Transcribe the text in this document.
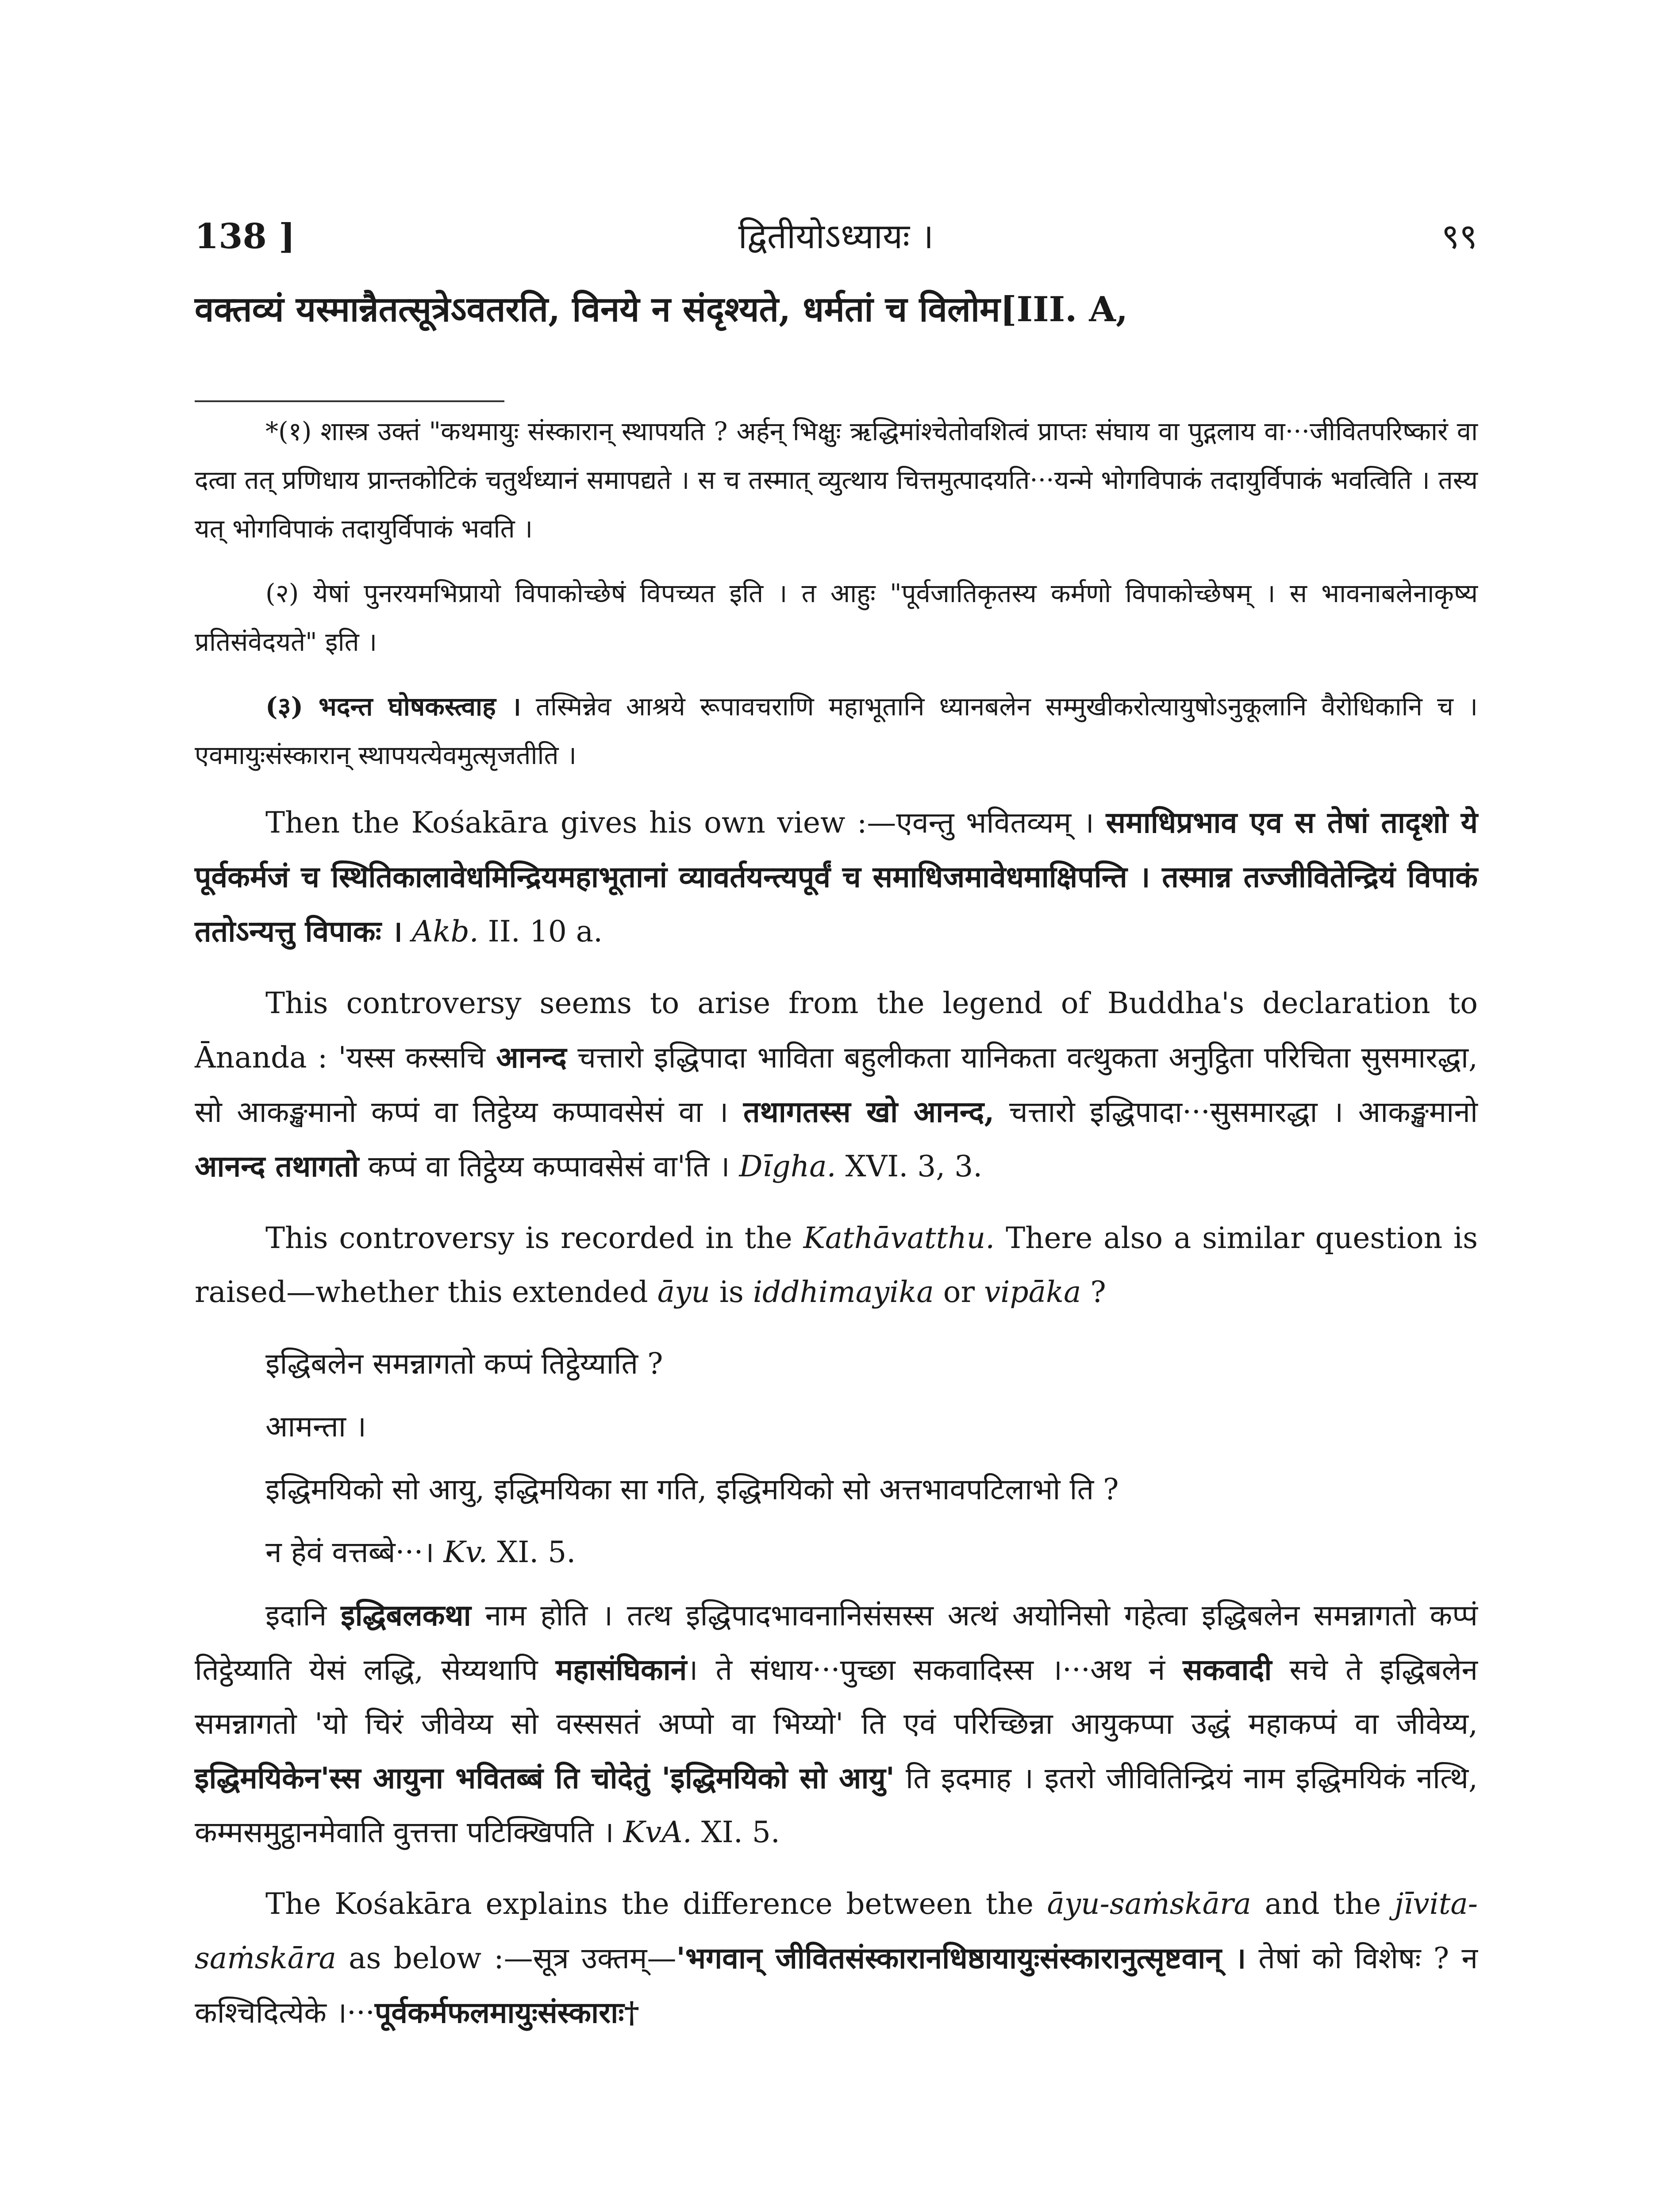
138 ]	द्वितीयोऽध्यायः ।	९९
वक्तव्यं यस्मान्नैतत्सूत्रेऽवतरति, विनये न संदृश्यते, धर्मतां च विलोम[III. A,

*(१) शास्त्र उक्तं "कथमायुः संस्कारान् स्थापयति ? अर्हन् भिक्षुः ऋद्धिमांश्चेतोवशित्वं प्राप्तः संघाय वा पुद्गलाय वा···जीवितपरिष्कारं वा दत्वा तत् प्रणिधाय प्रान्तकोटिकं चतुर्थध्यानं समापद्यते । स च तस्मात् व्युत्थाय चित्तमुत्पादयति···यन्मे भोगविपाकं तदायुर्विपाकं भवत्विति । तस्य यत् भोगविपाकं तदायुर्विपाकं भवति ।

(२) येषां पुनरयमभिप्रायो विपाकोच्छेषं विपच्यत इति । त आहुः "पूर्वजातिकृतस्य कर्मणो विपाकोच्छेषम् । स भावनाबलेनाकृष्य प्रतिसंवेदयते" इति ।

(३) भदन्त घोषकस्त्वाह । तस्मिन्नेव आश्रये रूपावचराणि महाभूतानि ध्यानबलेन सम्मुखीकरोत्यायुषोऽनुकूलानि वैरोधिकानि च । एवमायुःसंस्कारान् स्थापयत्येवमुत्सृजतीति ।

Then the Kośakāra gives his own view :—एवन्तु भवितव्यम् । समाधिप्रभाव एव स तेषां तादृशो ये पूर्वकर्मजं च स्थितिकालावेधमिन्द्रियमहाभूतानां व्यावर्तयन्त्यपूर्वं च समाधिजमावेधमाक्षिपन्ति । तस्मान्न तज्जीवितेन्द्रियं विपाकं ततोऽन्यत्तु विपाकः । Akb. II. 10 a.

This controversy seems to arise from the legend of Buddha's declaration to Ānanda : 'यस्स कस्सचि आनन्द चत्तारो इद्धिपादा भाविता बहुलीकता यानिकता वत्थुकता अनुट्ठिता परिचिता सुसमारद्धा, सो आकङ्खमानो कप्पं वा तिट्ठेय्य कप्पावसेसं वा । तथागतस्स खो आनन्द, चत्तारो इद्धिपादा···सुसमारद्धा । आकङ्खमानो आनन्द तथागतो कप्पं वा तिट्ठेय्य कप्पावसेसं वा'ति । Dīgha. XVI. 3, 3.

This controversy is recorded in the Kathāvatthu. There also a similar question is raised—whether this extended āyu is iddhimayika or vipāka ?

इद्धिबलेन समन्नागतो कप्पं तिट्ठेय्याति ?

आमन्ता ।

इद्धिमयिको सो आयु, इद्धिमयिका सा गति, इद्धिमयिको सो अत्तभावपटिलाभो ति ?

न हेवं वत्तब्बे···। Kv. XI. 5.

इदानि इद्धिबलकथा नाम होति । तत्थ इद्धिपादभावनानिसंसस्स अत्थं अयोनिसो गहेत्वा इद्धिबलेन समन्नागतो कप्पं तिट्ठेय्याति येसं लद्धि, सेय्यथापि महासंघिकानं। ते संधाय···पुच्छा सकवादिस्स ।···अथ नं सकवादी सचे ते इद्धिबलेन समन्नागतो 'यो चिरं जीवेय्य सो वस्ससतं अप्पो वा भिय्यो' ति एवं परिच्छिन्ना आयुकप्पा उद्धं महाकप्पं वा जीवेय्य, इद्धिमयिकेन'स्स आयुना भवितब्बं ति चोदेतुं 'इद्धिमयिको सो आयु' ति इदमाह । इतरो जीवितिन्द्रियं नाम इद्धिमयिकं नत्थि, कम्मसमुट्ठानमेवाति वुत्तत्ता पटिक्खिपति । KvA. XI. 5.

The Kośakāra explains the difference between the āyu-saṁskāra and the jīvita-saṁskāra as below :—सूत्र उक्तम्—'भगवान् जीवितसंस्कारानधिष्ठायायुःसंस्कारानुत्सृष्टवान् । तेषां को विशेषः ? न कश्चिदित्येके ।···पूर्वकर्मफलमायुःसंस्काराः†
